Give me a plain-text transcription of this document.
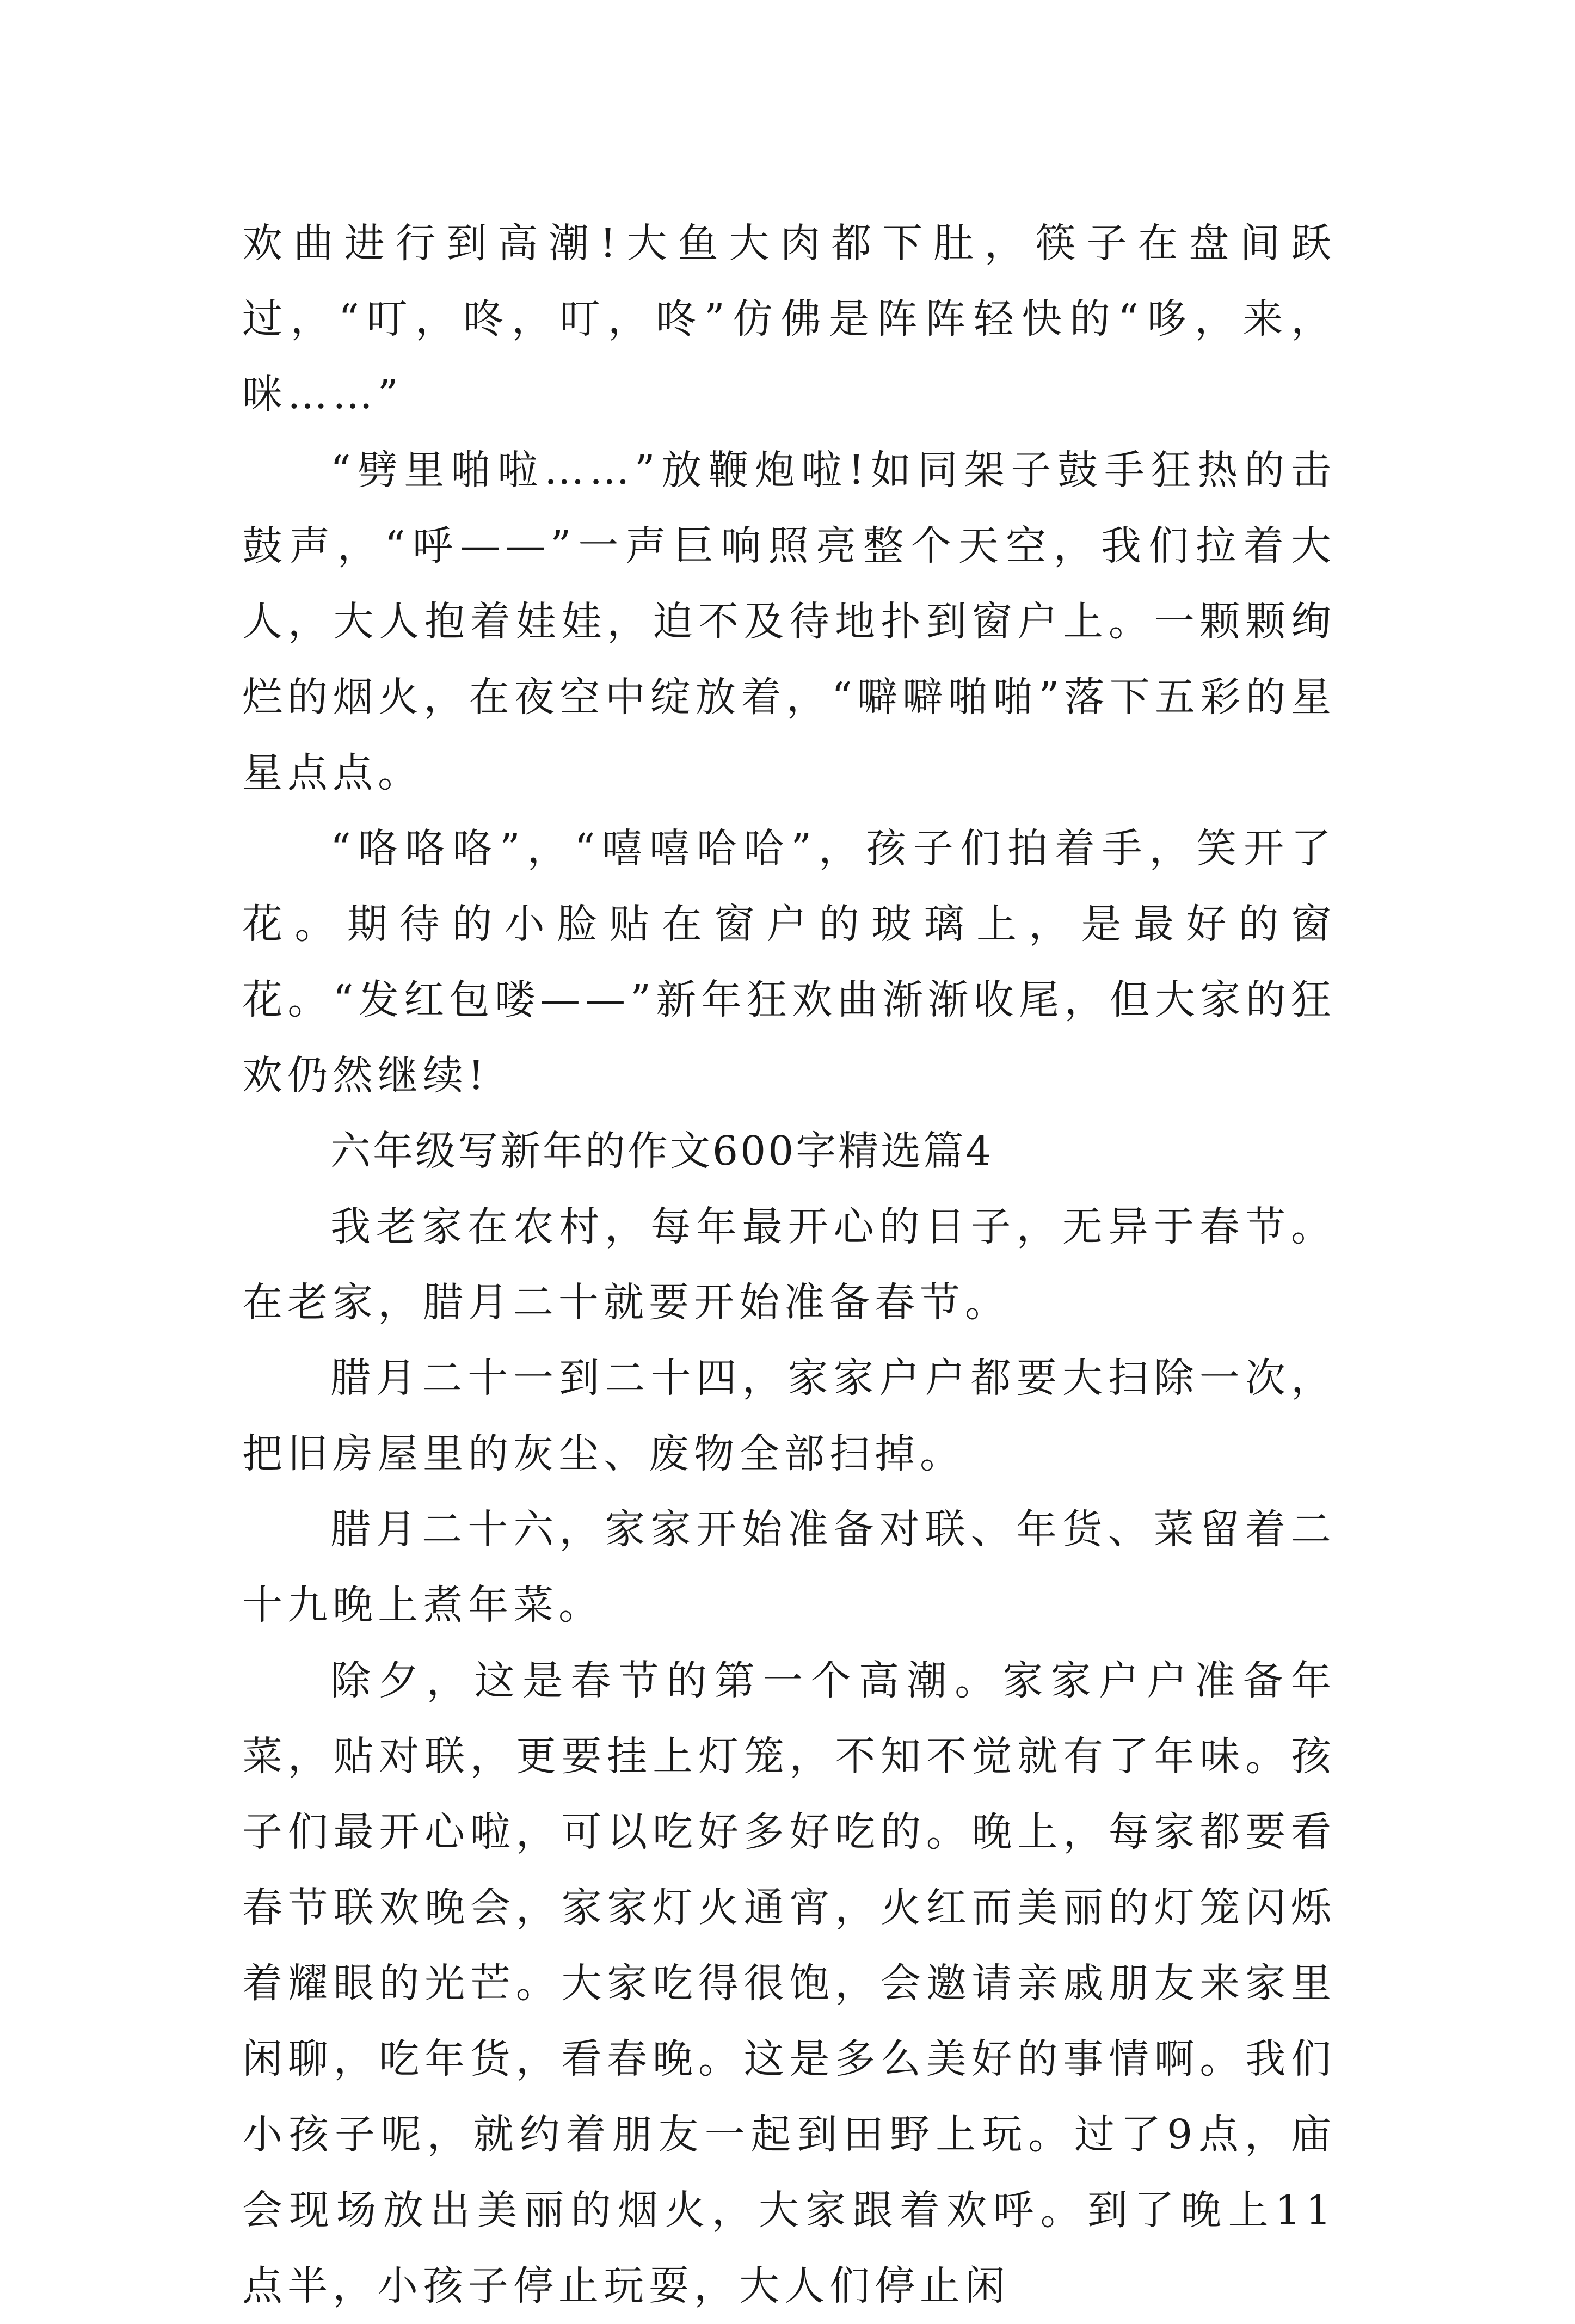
欢曲进行到高潮!大鱼大肉都下肚，筷子在盘间跃过，“叮，咚，叮，咚”仿佛是阵阵轻快的“哆，来，咪……”

“劈里啪啦……”放鞭炮啦!如同架子鼓手狂热的击鼓声，“呼——”一声巨响照亮整个天空，我们拉着大人，大人抱着娃娃，迫不及待地扑到窗户上。一颗颗绚烂的烟火，在夜空中绽放着，“噼噼啪啪”落下五彩的星星点点。

“咯咯咯”，“嘻嘻哈哈”，孩子们拍着手，笑开了花。期待的小脸贴在窗户的玻璃上，是最好的窗花。“发红包喽——”新年狂欢曲渐渐收尾，但大家的狂欢仍然继续!

六年级写新年的作文600字精选篇4

我老家在农村，每年最开心的日子，无异于春节。在老家，腊月二十就要开始准备春节。

腊月二十一到二十四，家家户户都要大扫除一次，把旧房屋里的灰尘、废物全部扫掉。

腊月二十六，家家开始准备对联、年货、菜留着二十九晚上煮年菜。

除夕，这是春节的第一个高潮。家家户户准备年菜，贴对联，更要挂上灯笼，不知不觉就有了年味。孩子们最开心啦，可以吃好多好吃的。晚上，每家都要看春节联欢晚会，家家灯火通宵，火红而美丽的灯笼闪烁着耀眼的光芒。大家吃得很饱，会邀请亲戚朋友来家里闲聊，吃年货，看春晚。这是多么美好的事情啊。我们小孩子呢，就约着朋友一起到田野上玩。过了9点，庙会现场放出美丽的烟火，大家跟着欢呼。到了晚上11点半，小孩子停止玩耍，大人们停止闲
